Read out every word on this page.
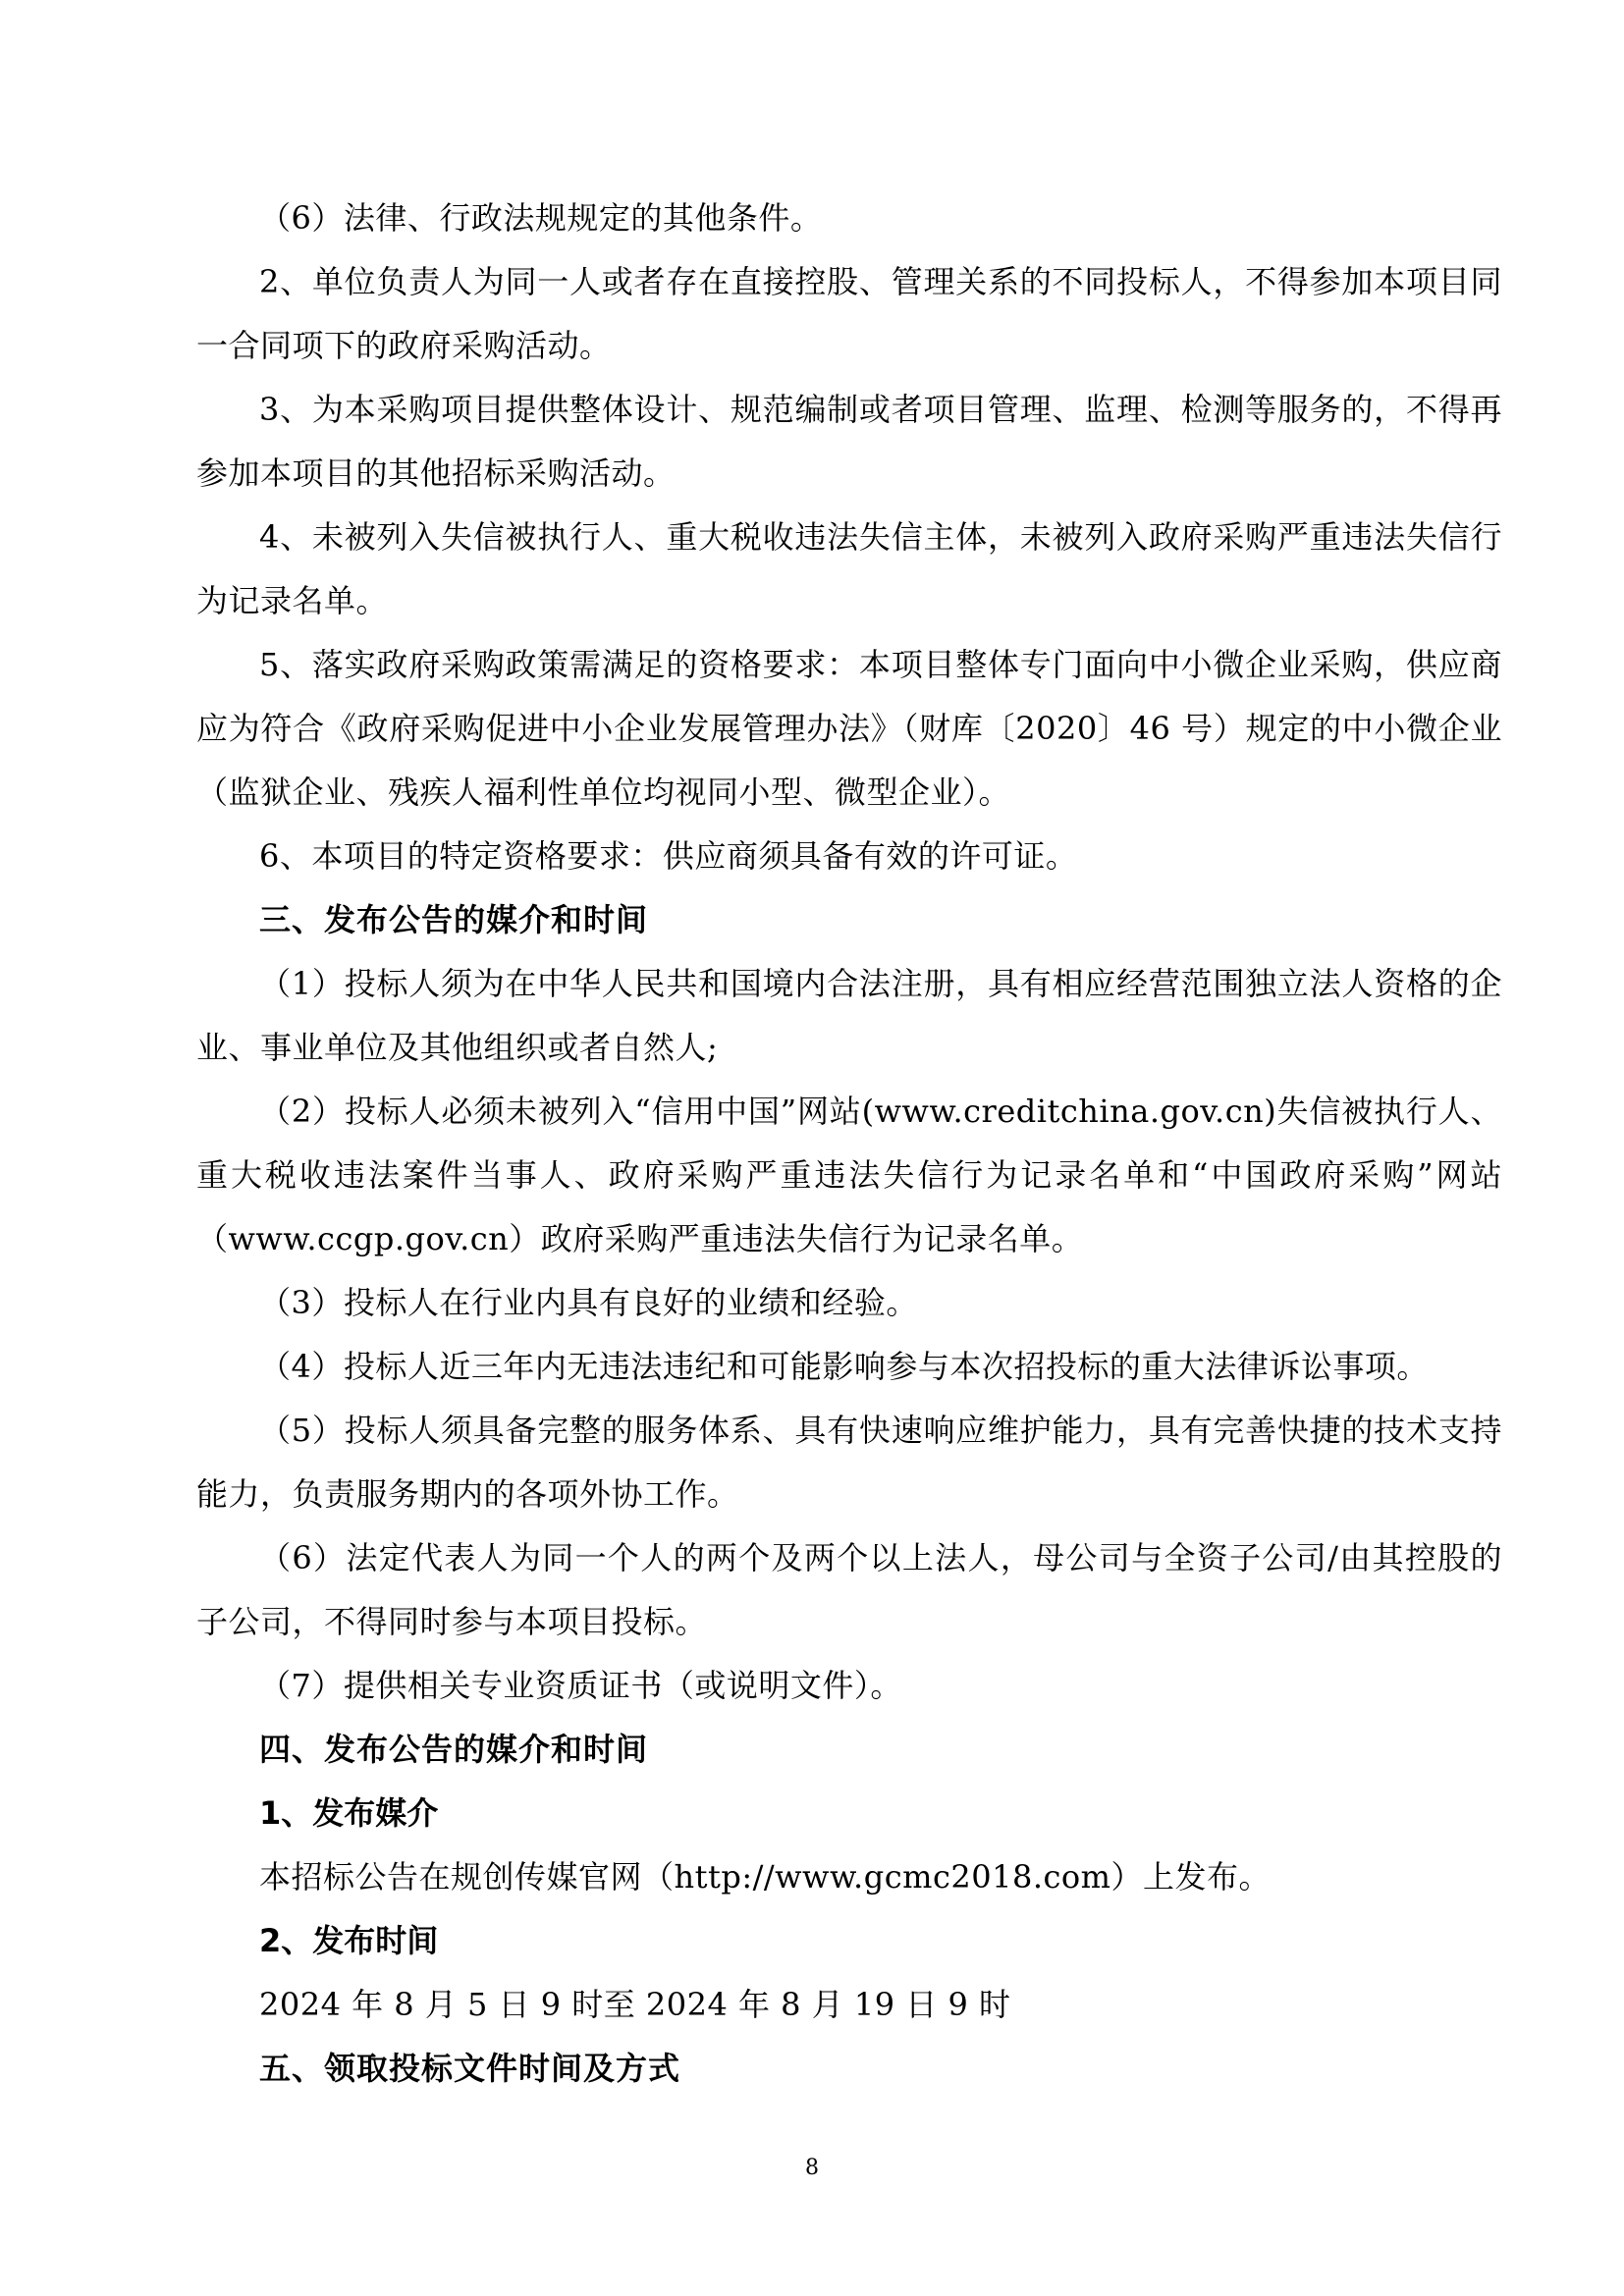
（6）法律、行政法规规定的其他条件。

2、单位负责人为同一人或者存在直接控股、管理关系的不同投标人，不得参加本项目同一合同项下的政府采购活动。

3、为本采购项目提供整体设计、规范编制或者项目管理、监理、检测等服务的，不得再参加本项目的其他招标采购活动。

4、未被列入失信被执行人、重大税收违法失信主体，未被列入政府采购严重违法失信行为记录名单。

5、落实政府采购政策需满足的资格要求：本项目整体专门面向中小微企业采购，供应商应为符合《政府采购促进中小企业发展管理办法》（财库〔2020〕46 号）规定的中小微企业（监狱企业、残疾人福利性单位均视同小型、微型企业）。

6、本项目的特定资格要求：供应商须具备有效的许可证。

三、发布公告的媒介和时间

（1）投标人须为在中华人民共和国境内合法注册，具有相应经营范围独立法人资格的企业、事业单位及其他组织或者自然人;

（2）投标人必须未被列入“信用中国”网站(www.creditchina.gov.cn)失信被执行人、重大税收违法案件当事人、政府采购严重违法失信行为记录名单和“中国政府采购”网站（www.ccgp.gov.cn）政府采购严重违法失信行为记录名单。

（3）投标人在行业内具有良好的业绩和经验。

（4）投标人近三年内无违法违纪和可能影响参与本次招投标的重大法律诉讼事项。

（5）投标人须具备完整的服务体系、具有快速响应维护能力，具有完善快捷的技术支持能力，负责服务期内的各项外协工作。

（6）法定代表人为同一个人的两个及两个以上法人，母公司与全资子公司/由其控股的子公司，不得同时参与本项目投标。

（7）提供相关专业资质证书（或说明文件）。

四、发布公告的媒介和时间

1、发布媒介

本招标公告在规创传媒官网（http://www.gcmc2018.com）上发布。

2、发布时间

2024 年 8 月 5 日 9 时至 2024 年 8 月 19 日 9 时

五、领取投标文件时间及方式

8
